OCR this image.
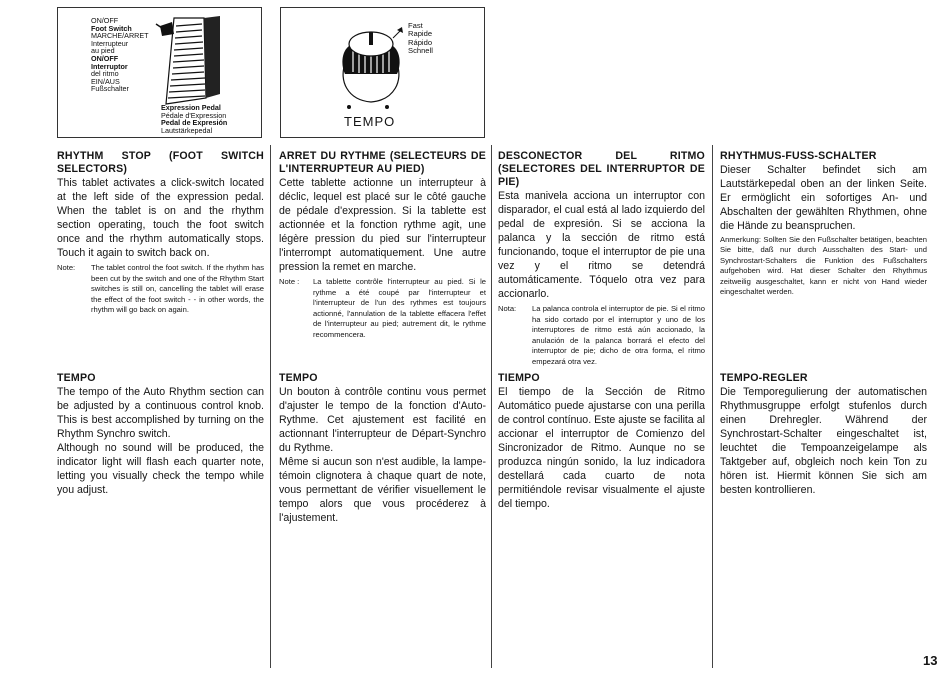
ON/OFF
Foot Switch
MARCHE/ARRET
Interrupteur
au pied
ON/OFF
Interruptor
del ritmo
EIN/AUS
Fußschalter
Expression Pedal
Pédale d'Expression
Pedal de Expresión
Lautstärkepedal
Fast
Rapide
Rápido
Schnell
TEMPO
RHYTHM STOP (FOOT SWITCH SELECTORS)

This tablet activates a click-switch located at the left side of the expression pedal. When the tablet is on and the rhythm section operating, touch the foot switch once and the rhythm automatically stops. Touch it again to switch back on.

Note:	The tablet control the foot switch. If the rhythm has been cut by the switch and one of the Rhythm Start switches is still on, cancelling the tablet will erase the effect of the foot switch - - in other words, the rhythm will go back on again.
ARRET DU RYTHME (SELECTEURS DE L'INTERRUPTEUR AU PIED)

Cette tablette actionne un interrupteur à déclic, lequel est placé sur le côté gauche de pédale d'expression. Si la tablette est actionnée et la fonction rythme agit, une légère pression du pied sur l'interrupteur l'interrompt automatiquement. Une autre pression la remet en marche.

Note :	La tablette contrôle l'interrupteur au pied. Si le rythme a été coupé par l'interrupteur et l'interrupteur de l'un des rythmes est toujours actionné, l'annulation de la tablette effacera l'effet de l'interrupteur au pied; autrement dit, le rythme recommencera.
DESCONECTOR DEL RITMO (SELECTORES DEL INTERRUPTOR DE PIE)

Esta manivela acciona un interruptor con disparador, el cual está al lado izquierdo del pedal de expresión. Si se acciona la palanca y la sección de ritmo está funcionando, toque el interruptor de pie una vez y el ritmo se detendrá automáticamente. Tóquelo otra vez para accionarlo.

Nota:	La palanca controla el interruptor de pie. Si el ritmo ha sido cortado por el interruptor y uno de los interruptores de ritmo está aún accionado, la anulación de la palanca borrará el efecto del interruptor de pie; dicho de otra forma, el ritmo empezará otra vez.
RHYTHMUS-FUSS-SCHALTER

Dieser Schalter befindet sich am Lautstärkepedal oben an der linken Seite. Er ermöglicht ein sofortiges An- und Abschalten der gewählten Rhythmen, ohne die Hände zu beanspruchen.

Anmerkung: Sollten Sie den Fußschalter betätigen, beachten Sie bitte, daß nur durch Ausschalten des Start- und Synchrostart-Schalters die Funktion des Fußschalters aufgehoben wird. Hat dieser Schalter den Rhythmus zeitweilig ausgeschaltet, kann er nicht von Hand wieder eingeschaltet werden.
TEMPO

The tempo of the Auto Rhythm section can be adjusted by a continuous control knob. This is best accomplished by turning on the Rhythm Synchro switch.

Although no sound will be produced, the indicator light will flash each quarter note, letting you visually check the tempo while you adjust.

TEMPO

Un bouton à contrôle continu vous permet d'ajuster le tempo de la fonction d'Auto-Rythme. Cet ajustement est facilité en actionnant l'interrupteur de Départ-Synchro du Rythme.

Même si aucun son n'est audible, la lampe-témoin clignotera à chaque quart de note, vous permettant de vérifier visuellement le tempo alors que vous procéderez à l'ajustement.

TIEMPO

El tiempo de la Sección de Ritmo Automático puede ajustarse con una perilla de control contínuo. Este ajuste se facilita al accionar el interruptor de Comienzo del Sincronizador de Ritmo. Aunque no se produzca ningún sonido, la luz indicadora destellará cada cuarto de nota permitiéndole revisar visualmente el ajuste del tiempo.

TEMPO-REGLER

Die Temporegulierung der automatischen Rhythmusgruppe erfolgt stufenlos durch einen Drehregler. Während der Synchrostart-Schalter eingeschaltet ist, leuchtet die Tempoanzeigelampe als Taktgeber auf, obgleich noch kein Ton zu hören ist. Hiermit können Sie sich am besten kontrollieren.

13
